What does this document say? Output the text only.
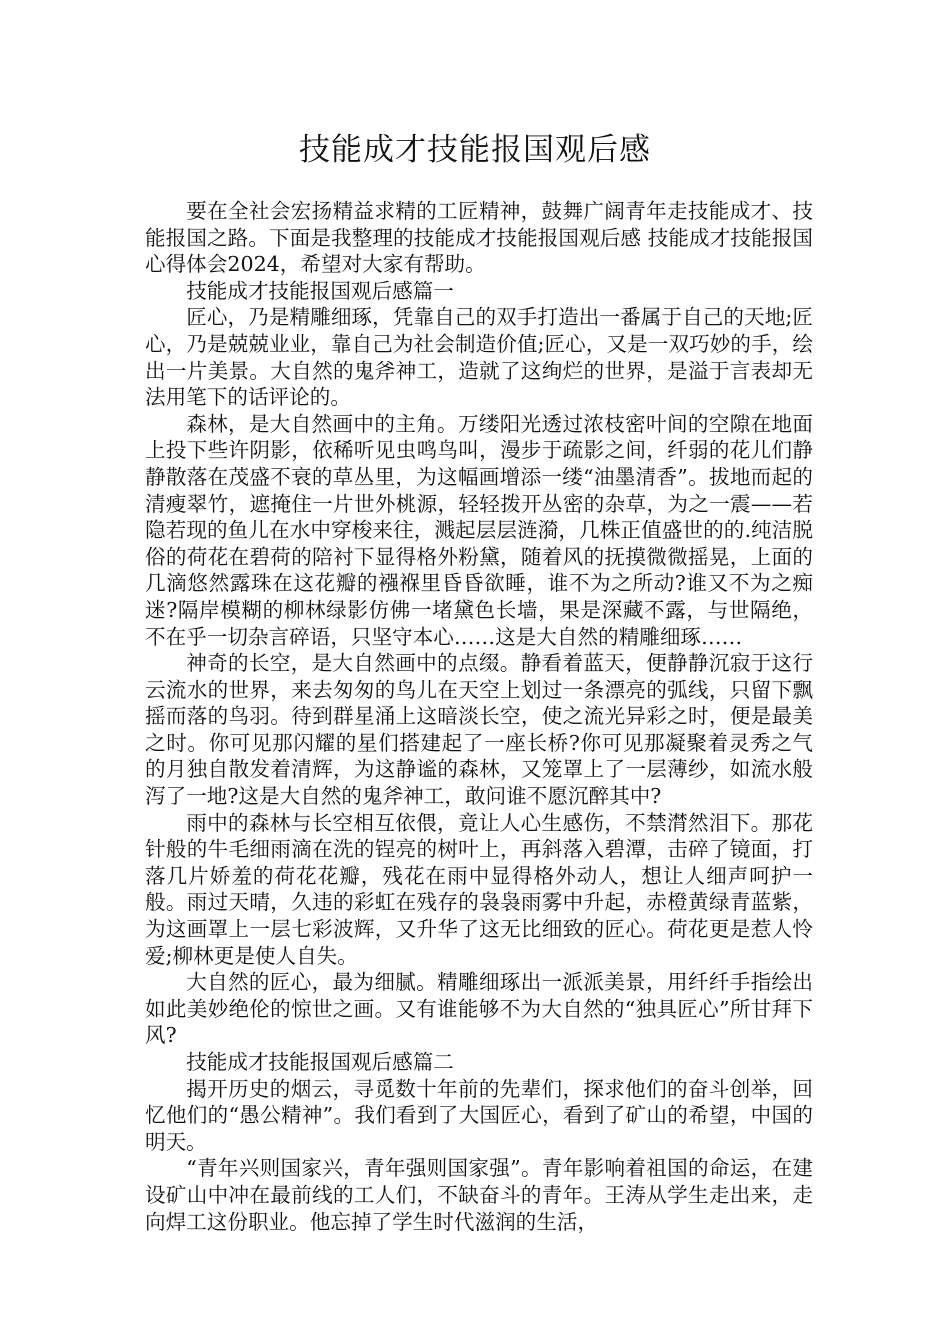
技能成才技能报国观后感

要在全社会宏扬精益求精的工匠精神，鼓舞广阔青年走技能成才、技能报国之路。下面是我整理的技能成才技能报国观后感 技能成才技能报国心得体会2024，希望对大家有帮助。

技能成才技能报国观后感篇一

匠心，乃是精雕细琢，凭靠自己的双手打造出一番属于自己的天地;匠心，乃是兢兢业业，靠自己为社会制造价值;匠心，又是一双巧妙的手，绘出一片美景。大自然的鬼斧神工，造就了这绚烂的世界，是溢于言表却无法用笔下的话评论的。

森林，是大自然画中的主角。万缕阳光透过浓枝密叶间的空隙在地面上投下些许阴影，依稀听见虫鸣鸟叫，漫步于疏影之间，纤弱的花儿们静静散落在茂盛不衰的草丛里，为这幅画增添一缕“油墨清香”。拔地而起的清瘦翠竹，遮掩住一片世外桃源，轻轻拨开丛密的杂草，为之一震——若隐若现的鱼儿在水中穿梭来往，溅起层层涟漪，几株正值盛世的的.纯洁脱俗的荷花在碧荷的陪衬下显得格外粉黛，随着风的抚摸微微摇晃，上面的几滴悠然露珠在这花瓣的襁褓里昏昏欲睡，谁不为之所动?谁又不为之痴迷?隔岸模糊的柳林绿影仿佛一堵黛色长墙，果是深藏不露，与世隔绝，不在乎一切杂言碎语，只坚守本心……这是大自然的精雕细琢……

神奇的长空，是大自然画中的点缀。静看着蓝天，便静静沉寂于这行云流水的世界，来去匆匆的鸟儿在天空上划过一条漂亮的弧线，只留下飘摇而落的鸟羽。待到群星涌上这暗淡长空，使之流光异彩之时，便是最美之时。你可见那闪耀的星们搭建起了一座长桥?你可见那凝聚着灵秀之气的月独自散发着清辉，为这静谧的森林，又笼罩上了一层薄纱，如流水般泻了一地?这是大自然的鬼斧神工，敢问谁不愿沉醉其中?

雨中的森林与长空相互依偎，竟让人心生感伤，不禁潸然泪下。那花针般的牛毛细雨滴在洗的锃亮的树叶上，再斜落入碧潭，击碎了镜面，打落几片娇羞的荷花花瓣，残花在雨中显得格外动人，想让人细声呵护一般。雨过天晴，久违的彩虹在残存的袅袅雨雾中升起，赤橙黄绿青蓝紫，为这画罩上一层七彩波辉，又升华了这无比细致的匠心。荷花更是惹人怜爱;柳林更是使人自失。

大自然的匠心，最为细腻。精雕细琢出一派派美景，用纤纤手指绘出如此美妙绝伦的惊世之画。又有谁能够不为大自然的“独具匠心”所甘拜下风?

技能成才技能报国观后感篇二

揭开历史的烟云，寻觅数十年前的先辈们，探求他们的奋斗创举，回忆他们的“愚公精神”。我们看到了大国匠心，看到了矿山的希望，中国的明天。

“青年兴则国家兴，青年强则国家强”。青年影响着祖国的命运，在建设矿山中冲在最前线的工人们，不缺奋斗的青年。王涛从学生走出来，走向焊工这份职业。他忘掉了学生时代滋润的生活，
